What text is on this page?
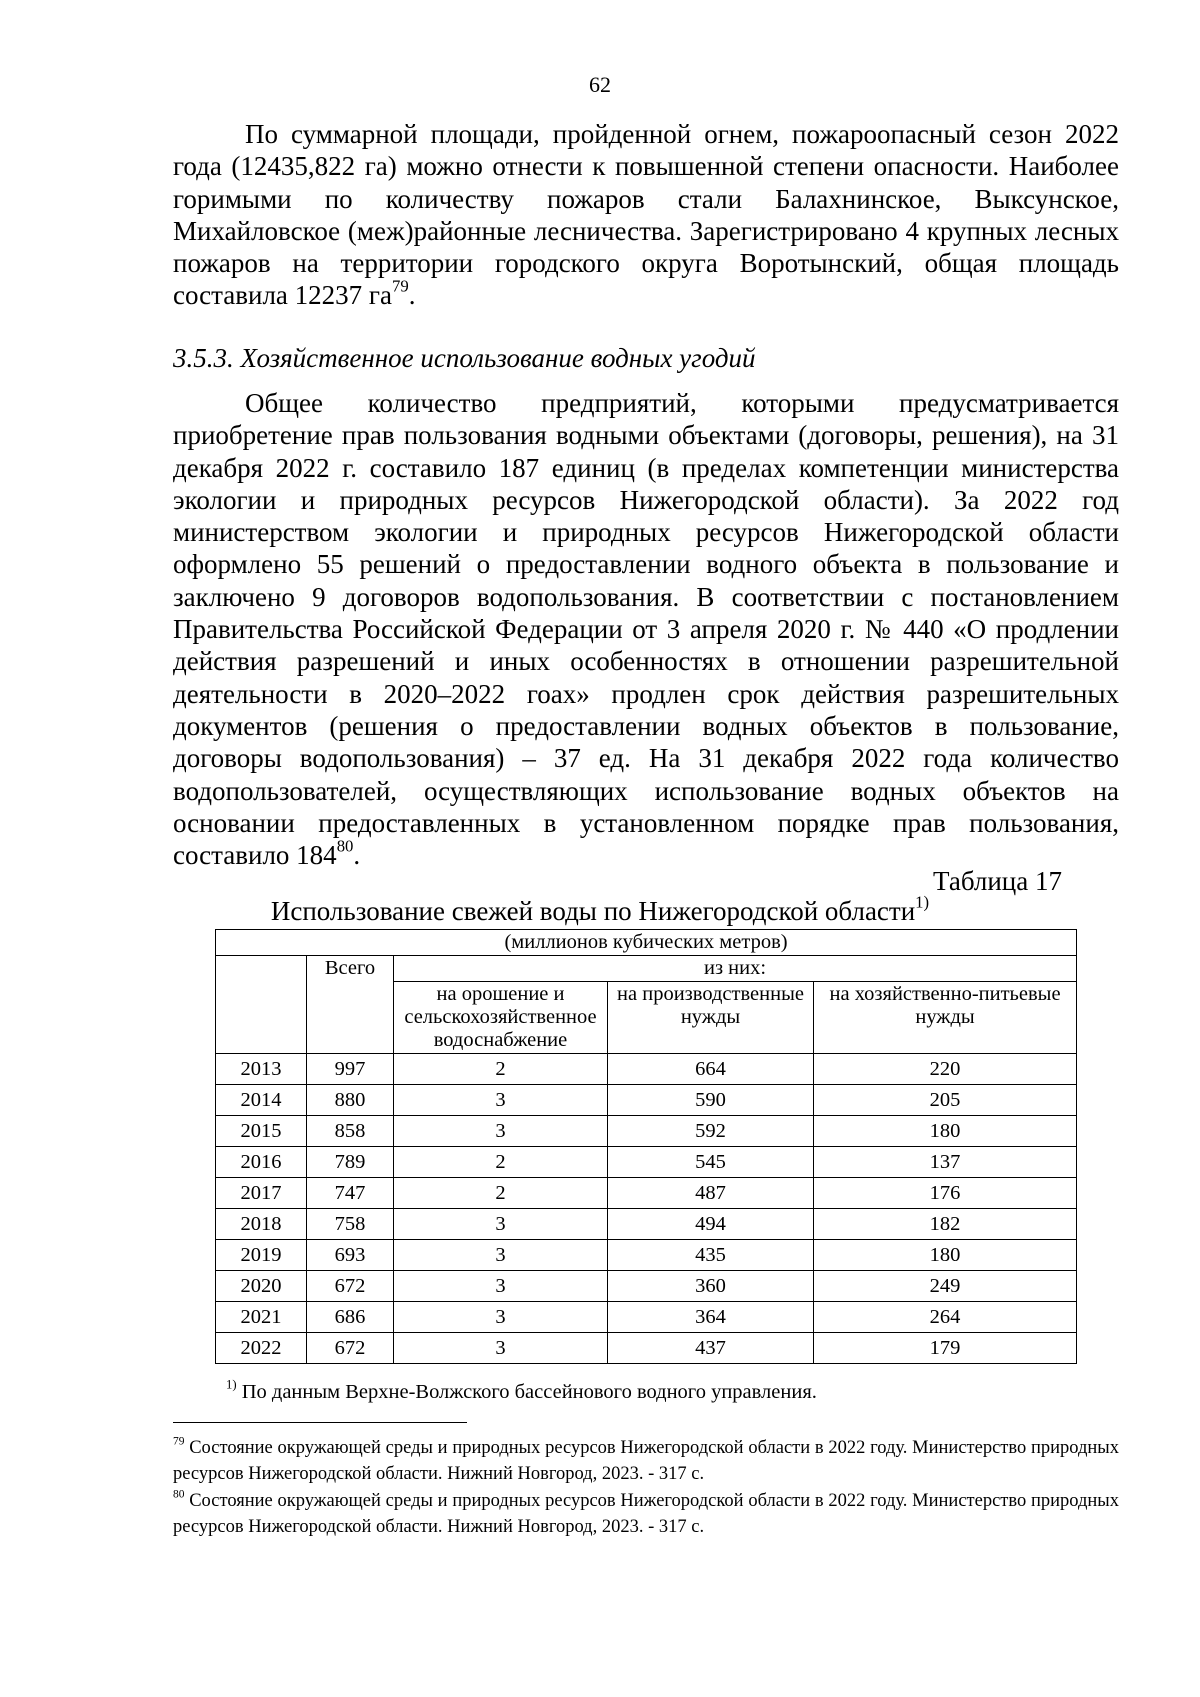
62
По суммарной площади, пройденной огнем, пожароопасный сезон 2022 года (12435,822 га) можно отнести к повышенной степени опасности. Наиболее горимыми по количеству пожаров стали Балахнинское, Выксунское, Михайловское (меж)районные лесничества. Зарегистрировано 4 крупных лесных пожаров на территории городского округа Воротынский, общая площадь составила 12237 $га^{79}$.
3.5.3. Хозяйственное использование водных угодий
Общее количество предприятий, которыми предусматривается приобретение прав пользования водными объектами (договоры, решения), на 31 декабря 2022 г. составило 187 единиц (в пределах компетенции министерства экологии и природных ресурсов Нижегородской области). За 2022 год министерством экологии и природных ресурсов Нижегородской области оформлено 55 решений о предоставлении водного объекта в пользование и заключено 9 договоров водопользования. В соответствии с постановлением Правительства Российской Федерации от 3 апреля 2020 г. № 440 «О продлении действия разрешений и иных особенностях в отношении разрешительной деятельности в 2020–2022 гоах» продлен срок действия разрешительных документов (решения о предоставлении водных объектов в пользование, договоры водопользования) – 37 ед. На 31 декабря 2022 года количество водопользователей, осуществляющих использование водных объектов на основании предоставленных в установленном порядке прав пользования, составило $184^{80}$.
Таблица 17
Использование свежей воды по Нижегородской области$^{1)}$
(миллионов кубических метров)				
	Всего	из них:		
		на орошение и сельскохозяйственное водоснабжение	на производственные нужды	на хозяйственно-питьевые нужды
2013	997	2	664	220
2014	880	3	590	205
2015	858	3	592	180
2016	789	2	545	137
2017	747	2	487	176
2018	758	3	494	182
2019	693	3	435	180
2020	672	3	360	249
2021	686	3	364	264
2022	672	3	437	179
$^{1)}$ По данным Верхне-Волжского бассейнового водного управления.

$^{79}$ Состояние окружающей среды и природных ресурсов Нижегородской области в 2022 году. Министерство природных ресурсов Нижегородской области. Нижний Новгород, 2023. - 317 с.

$^{80}$ Состояние окружающей среды и природных ресурсов Нижегородской области в 2022 году. Министерство природных ресурсов Нижегородской области. Нижний Новгород, 2023. - 317 с.
